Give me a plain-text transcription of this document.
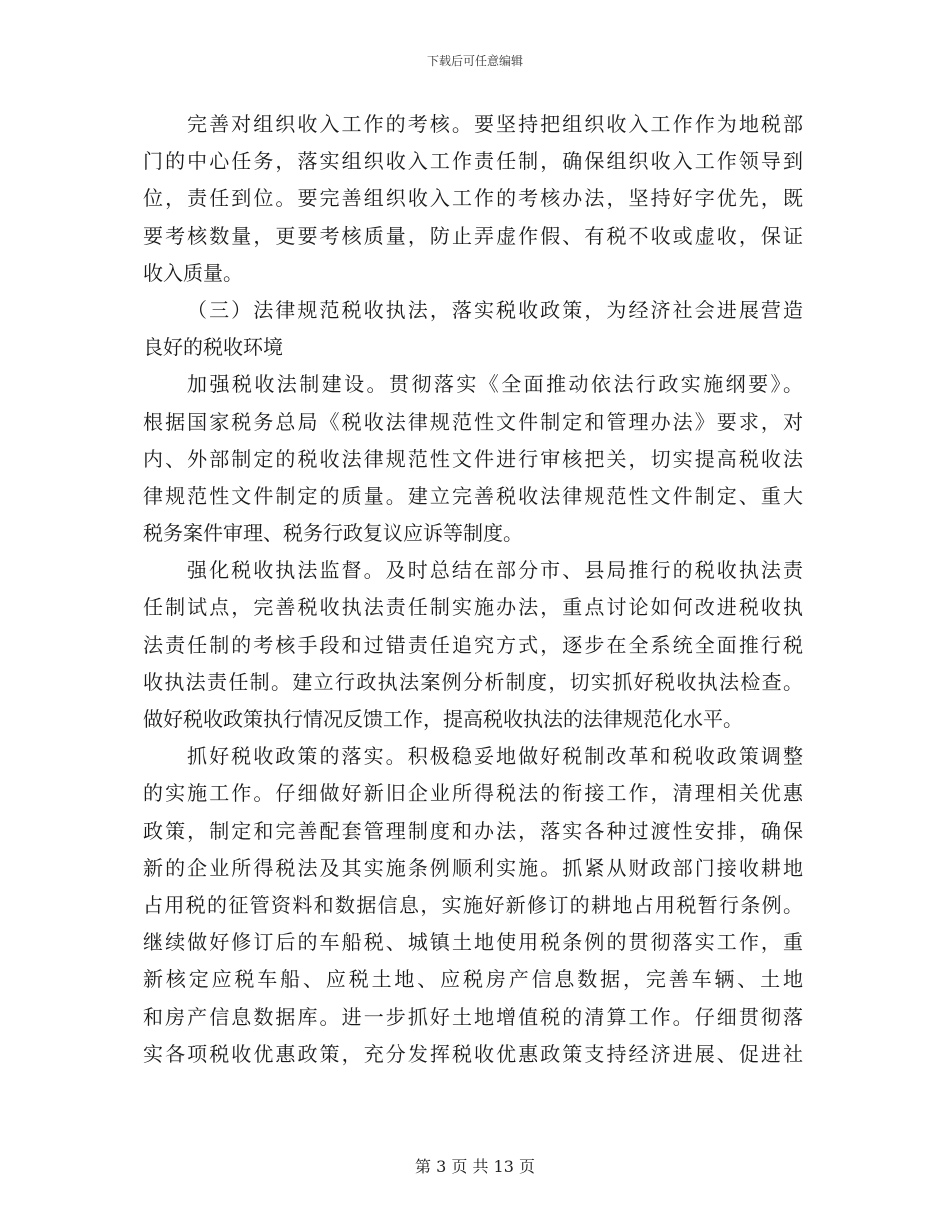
下载后可任意编辑
完善对组织收入工作的考核。要坚持把组织收入工作作为地税部
门的中心任务，落实组织收入工作责任制，确保组织收入工作领导到
位，责任到位。要完善组织收入工作的考核办法，坚持好字优先，既
要考核数量，更要考核质量，防止弄虚作假、有税不收或虚收，保证
收入质量。
（三）法律规范税收执法，落实税收政策，为经济社会进展营造
良好的税收环境
加强税收法制建设。贯彻落实《全面推动依法行政实施纲要》。
根据国家税务总局《税收法律规范性文件制定和管理办法》要求，对
内、外部制定的税收法律规范性文件进行审核把关，切实提高税收法
律规范性文件制定的质量。建立完善税收法律规范性文件制定、重大
税务案件审理、税务行政复议应诉等制度。
强化税收执法监督。及时总结在部分市、县局推行的税收执法责
任制试点，完善税收执法责任制实施办法，重点讨论如何改进税收执
法责任制的考核手段和过错责任追究方式，逐步在全系统全面推行税
收执法责任制。建立行政执法案例分析制度，切实抓好税收执法检查。
做好税收政策执行情况反馈工作，提高税收执法的法律规范化水平。
抓好税收政策的落实。积极稳妥地做好税制改革和税收政策调整
的实施工作。仔细做好新旧企业所得税法的衔接工作，清理相关优惠
政策，制定和完善配套管理制度和办法，落实各种过渡性安排，确保
新的企业所得税法及其实施条例顺利实施。抓紧从财政部门接收耕地
占用税的征管资料和数据信息，实施好新修订的耕地占用税暂行条例。
继续做好修订后的车船税、城镇土地使用税条例的贯彻落实工作，重
新核定应税车船、应税土地、应税房产信息数据，完善车辆、土地
和房产信息数据库。进一步抓好土地增值税的清算工作。仔细贯彻落
实各项税收优惠政策，充分发挥税收优惠政策支持经济进展、促进社
第 3 页 共 13 页
